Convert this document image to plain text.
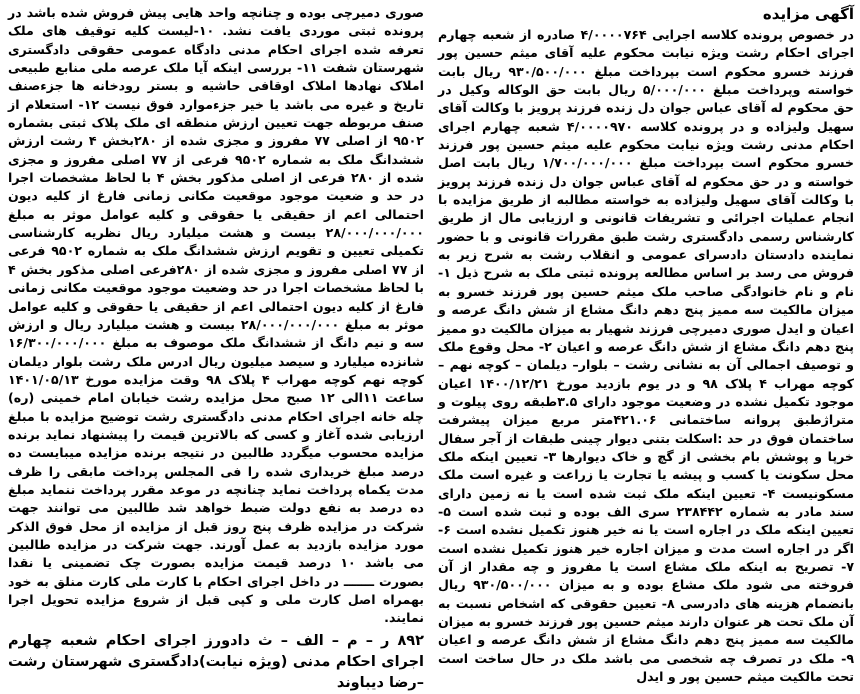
آگهی مزایده

در خصوص پرونده کلاسه اجرایی ۴/۰۰۰۰۷۶۴ صادره از شعبه چهارم اجرای احکام رشت ویژه نیابت محکوم علیه آقای میثم حسین پور فرزند خسرو محکوم است بپرداخت مبلغ ۹۳۰/۵۰۰/۰۰۰ ریال بابت خواسته وپرداخت مبلغ ۵/۰۰۰/۰۰۰ ریال بابت حق الوکاله وکیل در حق محکوم له آقای عباس جوان دل زنده فرزند پرویز با وکالت آقای سهیل ولیزاده و در پرونده کلاسه ۴/۰۰۰۰۹۷۰ شعبه چهارم اجرای احکام مدنی رشت ویژه نیابت محکوم علیه میثم حسین پور فرزند خسرو محکوم است بپرداخت مبلغ ۱/۷۰۰/۰۰۰/۰۰۰ ریال بابت اصل خواسته و در حق محکوم له آقای عباس جوان دل زنده فرزند پرویز با وکالت آقای سهیل ولیزاده به خواسته مطالبه از طریق مزایده با انجام عملیات اجرائی و تشریفات قانونی و ارزیابی مال از طریق کارشناس رسمی دادگستری رشت طبق مقررات قانونی و با حضور نماینده دادستان دادسرای عمومی و انقلاب رشت به شرح زیر به فروش می رسد بر اساس مطالعه پرونده ثبتی ملک به شرح ذیل ۱- نام و نام خانوادگی صاحب ملک میثم حسین پور فرزند خسرو به میزان مالکیت سه ممیز پنج دهم دانگ مشاع از شش دانگ عرصه و اعیان و ایدل صوری دمیرچی فرزند شهیار به میزان مالکیت دو ممیز پنج دهم دانگ مشاع از شش دانگ عرصه و اعیان ۲- محل وقوع ملک و توصیف اجمالی آن به نشانی رشت – بلوار– دیلمان – کوچه نهم – کوچه مهراب ۴ پلاک ۹۸ و در یوم بازدید مورخ ۱۴۰۰/۱۲/۲۱ اعیان موجود تکمیل نشده در وضعیت موجود دارای ۳.۵طبقه روی پیلوت و متراژطبق پروانه ساختمانی ۴۲۱.۰۶متر مربع میزان پیشرفت ساختمان فوق در حد :اسکلت بتنی دیوار چینی طبقات از آجر سفال خرپا و پوشش بام بخشی از گچ و خاک دیوارها ۳- تعیین اینکه ملک محل سکونت یا کسب و پیشه یا تجارت یا زراعت و غیره است ملک مسکونیست ۴- تعیین اینکه ملک ثبت شده است یا نه زمین دارای سند مادر به شماره ۲۳۸۴۴۲ سری الف بوده و ثبت شده است ۵- تعیین اینکه ملک در اجاره است یا نه خیر هنوز تکمیل نشده است ۶- اگر در اجاره است مدت و میزان اجاره خیر هنوز تکمیل نشده است ۷- تصریح به اینکه ملک مشاع است یا مفروز و چه مقدار از آن فروخته می شود ملک مشاع بوده و به میزان ۹۳۰/۵۰۰/۰۰۰ ریال بانضمام هزینه های دادرسی ۸- تعیین حقوقی که اشخاص نسبت به آن ملک تحت هر عنوان دارند میثم حسین پور فرزند خسرو به میزان مالکیت سه ممیز پنج دهم دانگ مشاع از شش دانگ عرصه و اعیان ۹- ملک در تصرف چه شخصی می باشد ملک در حال ساخت است تحت مالکیت میثم حسین پور و ایدل

صوری دمیرچی بوده و چنانچه واحد هایی پیش فروش شده باشد در پرونده ثبتی موردی یافت نشد. ۱۰-لیست کلیه توقیف های ملک تعرفه شده اجرای احکام مدنی دادگاه عمومی حقوقی دادگستری شهرستان شفت ۱۱- بررسی اینکه آیا ملک عرصه ملی منابع طبیعی املاک نهادها املاک اوقافی حاشیه و بستر رودخانه ها جزءصنف تاریخ و غیره می باشد یا خیر جزءموارد فوق نیست ۱۲- استعلام از صنف مربوطه جهت تعیین ارزش منطقه ای ملک پلاک ثبتی بشماره ۹۵۰۲ از اصلی ۷۷ مفروز و مجزی شده از ۲۸۰بخش ۴ رشت ارزش ششدانگ ملک به شماره ۹۵۰۲ فرعی از ۷۷ اصلی مفروز و مجزی شده از ۲۸۰ فرعی از اصلی مذکور بخش ۴ با لحاظ مشخصات اجرا در حد و ضعیت موجود موقعیت مکانی زمانی فارغ از کلیه دیون احتمالی اعم از حقیقی یا حقوقی و کلیه عوامل موثر به مبلغ ۲۸/۰۰۰/۰۰۰/۰۰۰ بیست و هشت میلیارد ریال نظریه کارشناسی تکمیلی تعیین و تقویم ارزش ششدانگ ملک به شماره ۹۵۰۲ فرعی از ۷۷ اصلی مفروز و مجزی شده از ۲۸۰فرعی اصلی مذکور بخش ۴ با لحاظ مشخصات اجرا در حد وضعیت موجود موقعیت مکانی زمانی فارغ از کلیه دیون احتمالی اعم از حقیقی یا حقوقی و کلیه عوامل موثر به مبلغ ۲۸/۰۰۰/۰۰۰/۰۰۰ بیست و هشت میلیارد ریال و ارزش سه و نیم دانگ از ششدانگ ملک موصوف به مبلغ ۱۶/۳۰۰/۰۰۰/۰۰۰ شانزده میلیارد و سیصد میلیون ریال ادرس ملک رشت بلوار دیلمان کوچه نهم کوچه مهراب ۴ پلاک ۹۸ وقت مزایده مورخ ۱۴۰۱/۰۵/۱۳ ساعت ۱۱الی ۱۲ صبح محل مزایده رشت خیابان امام خمینی (ره) چله خانه اجرای احکام مدنی دادگستری رشت توضیح مزایده با مبلغ ارزیابی شده آغاز و کسی که بالاترین قیمت را پیشنهاد نماید برنده مزایده محسوب میگردد طالبین در نتیجه برنده مزایده میبایست ده درصد مبلغ خریداری شده را فی المجلس پرداخت مابقی را ظرف مدت یکماه پرداخت نماید چنانچه در موعد مقرر پرداخت ننماید مبلغ ده درصد به نفع دولت ضبط خواهد شد طالبین می توانند جهت شرکت در مزایده ظرف پنج روز قبل از مزایده از محل فوق الذکر مورد مزایده بازدید به عمل آورند. جهت شرکت در مزایده طالبین می باشد ۱۰ درصد قیمت مزایده بصورت چک تضمینی یا نقدا بصورت ـــــــ در داخل اجرای احکام با کارت ملی کارت منلق به خود بهمراه اصل کارت ملی و کپی قبل از شروع مزایده تحویل اجرا نمایند.

۸۹۲ ر – م – الف – ث دادورز اجرای احکام شعبه چهارم اجرای احکام مدنی (ویژه نیابت)دادگستری شهرستان رشت –رضا دیباوند
